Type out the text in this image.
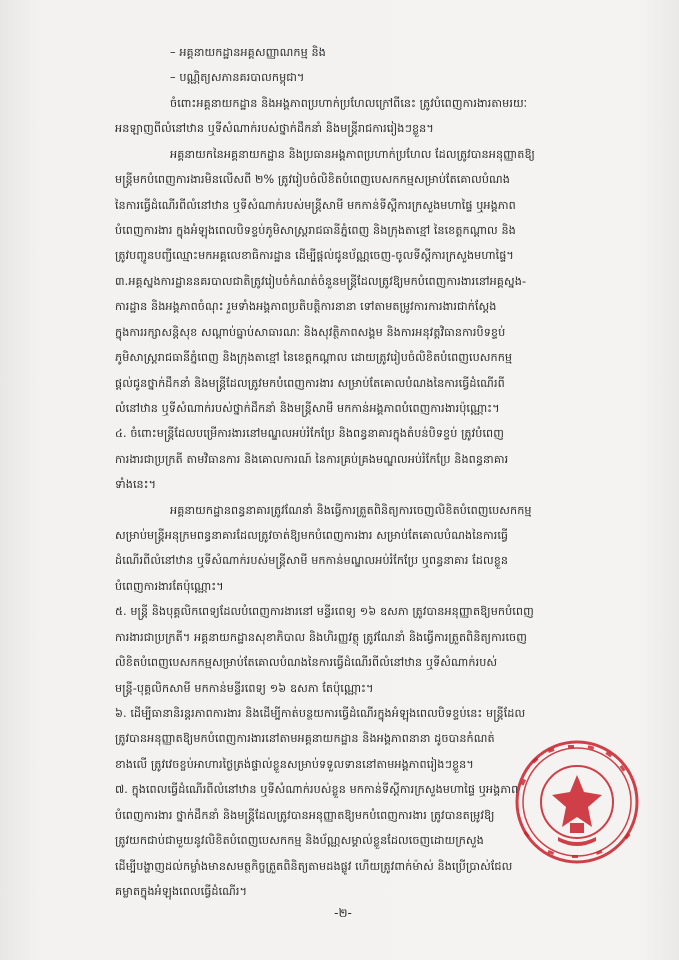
– អគ្គនាយកដ្ឋានអគ្គសញ្ញាណកម្ម និង
– បណ្ណិត្យសភានគរបាលកម្ពុជា។
ចំពោះអគ្គនាយកដ្ឋាន និងអង្គភាពប្រហាក់ប្រហែលក្រៅពីនេះ ត្រូវបំពេញការងារតាមរយៈ
អនឡាញពីលំនៅឋាន ឬទីសំណាក់របស់ថ្នាក់ដឹកនាំ និងមន្ត្រីរាជការរៀងៗខ្លួន។
អគ្គនាយកនៃអគ្គនាយកដ្ឋាន និងប្រធានអង្គភាពប្រហាក់ប្រហែល ដែលត្រូវបានអនុញ្ញាតឱ្យ
មន្ត្រីមកបំពេញការងារមិនលើសពី ២% ត្រូវរៀបចំលិខិតបំពេញបេសកកម្មសម្រាប់តែគោលបំណង
នៃការធ្វើដំណើរពីលំនៅឋាន ឬទីសំណាក់របស់មន្ត្រីសាមី មកកាន់ទីស្ដីការក្រសួងមហាផ្ទៃ ឬអង្គភាព
បំពេញការងារ ក្នុងអំឡុងពេលបិទខ្ទប់ភូមិសាស្ត្ររាជធានីភ្នំពេញ និងក្រុងតាខ្មៅ នៃខេត្តកណ្ដាល និង
ត្រូវបញ្ជូនបញ្ជីឈ្មោះមកអគ្គលេខាធិការដ្ឋាន ដើម្បីផ្ដល់ជូនប័ណ្ណចេញ-ចូលទីស្ដីការក្រសួងមហាផ្ទៃ។
៣.អគ្គស្នងការដ្ឋាននគរបាលជាតិត្រូវរៀបចំកំណត់ចំនួនមន្ត្រីដែលត្រូវឱ្យមកបំពេញការងារនៅអគ្គស្នង-
ការដ្ឋាន និងអង្គភាពចំណុះ រួមទាំងអង្គភាពប្រតិបត្តិការនានា ទៅតាមតម្រូវការការងារជាក់ស្ដែង
ក្នុងការរក្សាសន្ដិសុខ សណ្ដាប់ធ្នាប់សាធារណៈ និងសុវត្ថិភាពសង្គម និងការអនុវត្តវិធានការបិទខ្ទប់
ភូមិសាស្ត្ររាជធានីភ្នំពេញ និងក្រុងតាខ្មៅ នៃខេត្តកណ្ដាល ដោយត្រូវរៀបចំលិខិតបំពេញបេសកកម្ម
ផ្ដល់ជូនថ្នាក់ដឹកនាំ និងមន្ត្រីដែលត្រូវមកបំពេញការងារ សម្រាប់តែគោលបំណងនៃការធ្វើដំណើរពី
លំនៅឋាន ឬទីសំណាក់របស់ថ្នាក់ដឹកនាំ និងមន្ត្រីសាមី មកកាន់អង្គភាពបំពេញការងារប៉ុណ្ណោះ។
៤. ចំពោះមន្ត្រីដែលបម្រើការងារនៅមណ្ឌលអប់រំកែប្រែ និងពន្ធនាគារក្នុងតំបន់បិទខ្ទប់ ត្រូវបំពេញ
ការងារជាប្រក្រតី តាមវិធានការ និងគោលការណ៍ នៃការគ្រប់គ្រងមណ្ឌលអប់រំកែប្រែ និងពន្ធនាគារ
ទាំងនេះ។
អគ្គនាយកដ្ឋានពន្ធនាគារត្រូវណែនាំ និងធ្វើការត្រួតពិនិត្យការចេញលិខិតបំពេញបេសកកម្ម
សម្រាប់មន្ត្រីអនុក្រមពន្ធនាគារដែលត្រូវចាត់ឱ្យមកបំពេញការងារ សម្រាប់តែគោលបំណងនៃការធ្វើ
ដំណើរពីលំនៅឋាន ឬទីសំណាក់របស់មន្ត្រីសាមី មកកាន់មណ្ឌលអប់រំកែប្រែ ឬពន្ធនាគារ ដែលខ្លួន
បំពេញការងារតែប៉ុណ្ណោះ។
៥. មន្ត្រី និងបុគ្គលិកពេទ្យដែលបំពេញការងារនៅ មន្ទីរពេទ្យ ១៦ ឧសភា ត្រូវបានអនុញ្ញាតឱ្យមកបំពេញ
ការងារជាប្រក្រតី។ អគ្គនាយកដ្ឋានសុខាភិបាល និងហិរញ្ញវត្ថុ ត្រូវណែនាំ និងធ្វើការត្រួតពិនិត្យការចេញ
លិខិតបំពេញបេសកកម្មសម្រាប់តែគោលបំណងនៃការធ្វើដំណើរពីលំនៅឋាន ឬទីសំណាក់របស់
មន្ត្រី-បុគ្គលិកសាមី មកកាន់មន្ទីរពេទ្យ ១៦ ឧសភា តែប៉ុណ្ណោះ។
៦. ដើម្បីធានានិរន្តរភាពការងារ និងដើម្បីកាត់បន្ថយការធ្វើដំណើរក្នុងអំឡុងពេលបិទខ្ទប់នេះ មន្ត្រីដែល
ត្រូវបានអនុញ្ញាតឱ្យមកបំពេញការងារនៅតាមអគ្គនាយកដ្ឋាន និងអង្គភាពនានា ដូចបានកំណត់
ខាងលើ ត្រូវវេចខ្ចប់អាហារថ្ងៃត្រង់ផ្ទាល់ខ្លួនសម្រាប់ទទួលទាននៅតាមអង្គភាពរៀងៗខ្លួន។
-២-
៧. ក្នុងពេលធ្វើដំណើរពីលំនៅឋាន ឬទីសំណាក់របស់ខ្លួន មកកាន់ទីស្ដីការក្រសួងមហាផ្ទៃ ឬអង្គភាព
បំពេញការងារ ថ្នាក់ដឹកនាំ និងមន្ត្រីដែលត្រូវបានអនុញ្ញាតឱ្យមកបំពេញការងារ ត្រូវបានតម្រូវឱ្យ
ត្រូវយកជាប់ជាមួយនូវលិខិតបំពេញបេសកកម្ម និងប័ណ្ណសម្គាល់ខ្លួនដែលចេញដោយក្រសួង
ដើម្បីបង្ហាញដល់កម្លាំងមានសមត្ថកិច្ចត្រួតពិនិត្យតាមដងផ្លូវ ហើយត្រូវពាក់ម៉ាស់ និងប្រើប្រាស់ជែល
គម្លាតក្នុងអំឡុងពេលធ្វើដំណើរ។
